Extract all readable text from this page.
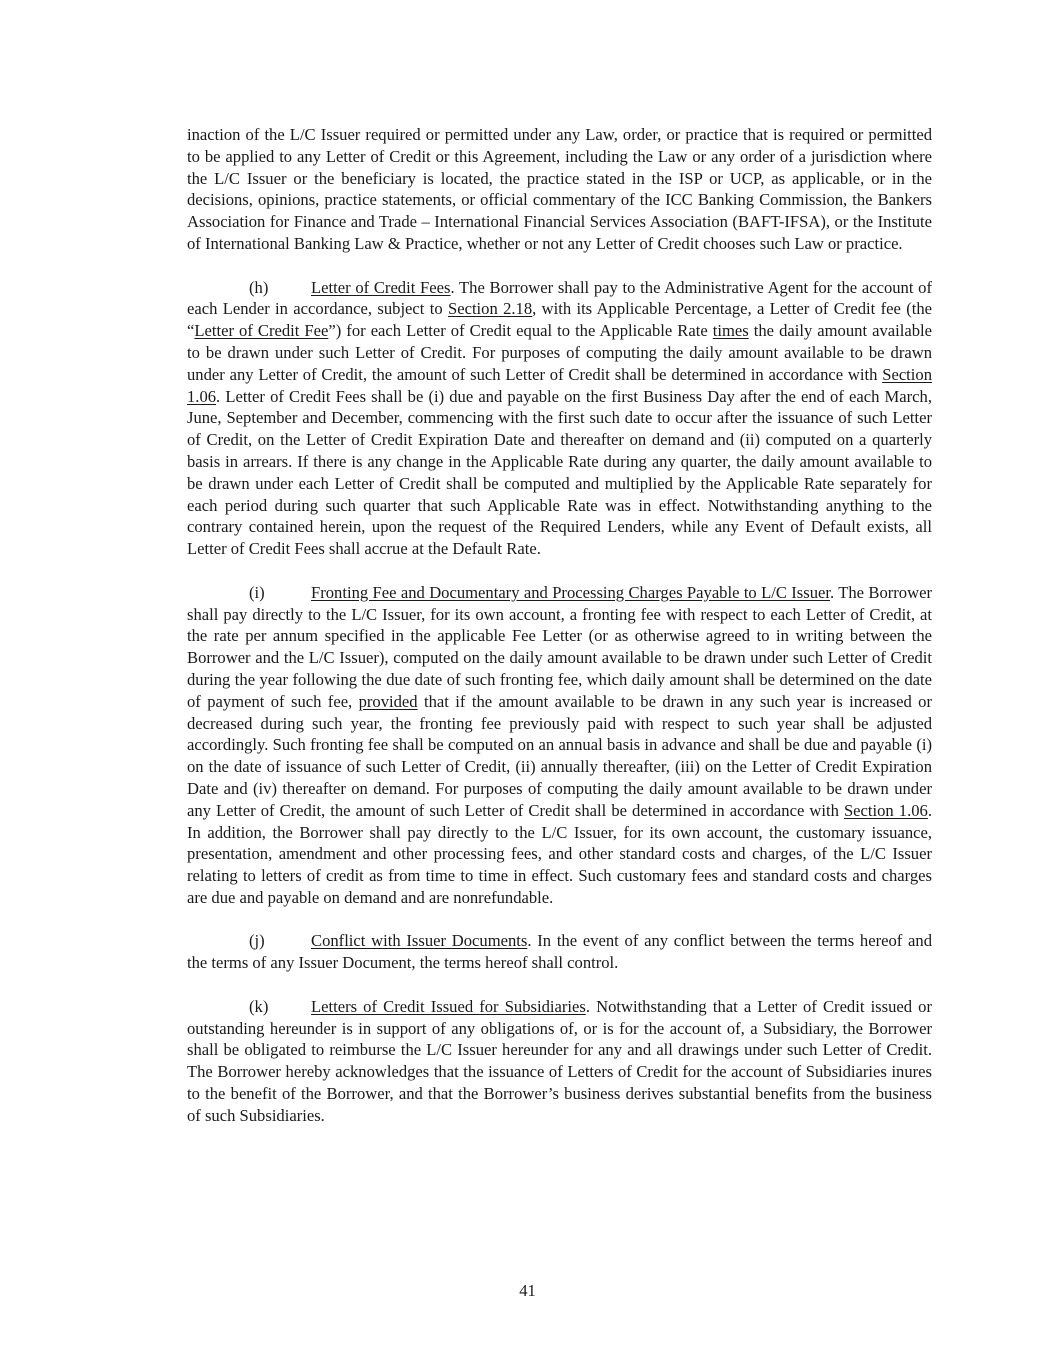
inaction of the L/C Issuer required or permitted under any Law, order, or practice that is required or permitted to be applied to any Letter of Credit or this Agreement, including the Law or any order of a jurisdiction where the L/C Issuer or the beneficiary is located, the practice stated in the ISP or UCP, as applicable, or in the decisions, opinions, practice statements, or official commentary of the ICC Banking Commission, the Bankers Association for Finance and Trade – International Financial Services Association (BAFT-IFSA), or the Institute of International Banking Law & Practice, whether or not any Letter of Credit chooses such Law or practice.

(h)	Letter of Credit Fees. The Borrower shall pay to the Administrative Agent for the account of each Lender in accordance, subject to Section 2.18, with its Applicable Percentage, a Letter of Credit fee (the “Letter of Credit Fee”) for each Letter of Credit equal to the Applicable Rate times the daily amount available to be drawn under such Letter of Credit. For purposes of computing the daily amount available to be drawn under any Letter of Credit, the amount of such Letter of Credit shall be determined in accordance with Section 1.06. Letter of Credit Fees shall be (i) due and payable on the first Business Day after the end of each March, June, September and December, commencing with the first such date to occur after the issuance of such Letter of Credit, on the Letter of Credit Expiration Date and thereafter on demand and (ii) computed on a quarterly basis in arrears. If there is any change in the Applicable Rate during any quarter, the daily amount available to be drawn under each Letter of Credit shall be computed and multiplied by the Applicable Rate separately for each period during such quarter that such Applicable Rate was in effect. Notwithstanding anything to the contrary contained herein, upon the request of the Required Lenders, while any Event of Default exists, all Letter of Credit Fees shall accrue at the Default Rate.

(i)	Fronting Fee and Documentary and Processing Charges Payable to L/C Issuer. The Borrower shall pay directly to the L/C Issuer, for its own account, a fronting fee with respect to each Letter of Credit, at the rate per annum specified in the applicable Fee Letter (or as otherwise agreed to in writing between the Borrower and the L/C Issuer), computed on the daily amount available to be drawn under such Letter of Credit during the year following the due date of such fronting fee, which daily amount shall be determined on the date of payment of such fee, provided that if the amount available to be drawn in any such year is increased or decreased during such year, the fronting fee previously paid with respect to such year shall be adjusted accordingly. Such fronting fee shall be computed on an annual basis in advance and shall be due and payable (i) on the date of issuance of such Letter of Credit, (ii) annually thereafter, (iii) on the Letter of Credit Expiration Date and (iv) thereafter on demand. For purposes of computing the daily amount available to be drawn under any Letter of Credit, the amount of such Letter of Credit shall be determined in accordance with Section 1.06. In addition, the Borrower shall pay directly to the L/C Issuer, for its own account, the customary issuance, presentation, amendment and other processing fees, and other standard costs and charges, of the L/C Issuer relating to letters of credit as from time to time in effect. Such customary fees and standard costs and charges are due and payable on demand and are nonrefundable.

(j)	Conflict with Issuer Documents. In the event of any conflict between the terms hereof and the terms of any Issuer Document, the terms hereof shall control.

(k)	Letters of Credit Issued for Subsidiaries. Notwithstanding that a Letter of Credit issued or outstanding hereunder is in support of any obligations of, or is for the account of, a Subsidiary, the Borrower shall be obligated to reimburse the L/C Issuer hereunder for any and all drawings under such Letter of Credit. The Borrower hereby acknowledges that the issuance of Letters of Credit for the account of Subsidiaries inures to the benefit of the Borrower, and that the Borrower’s business derives substantial benefits from the business of such Subsidiaries.

41
